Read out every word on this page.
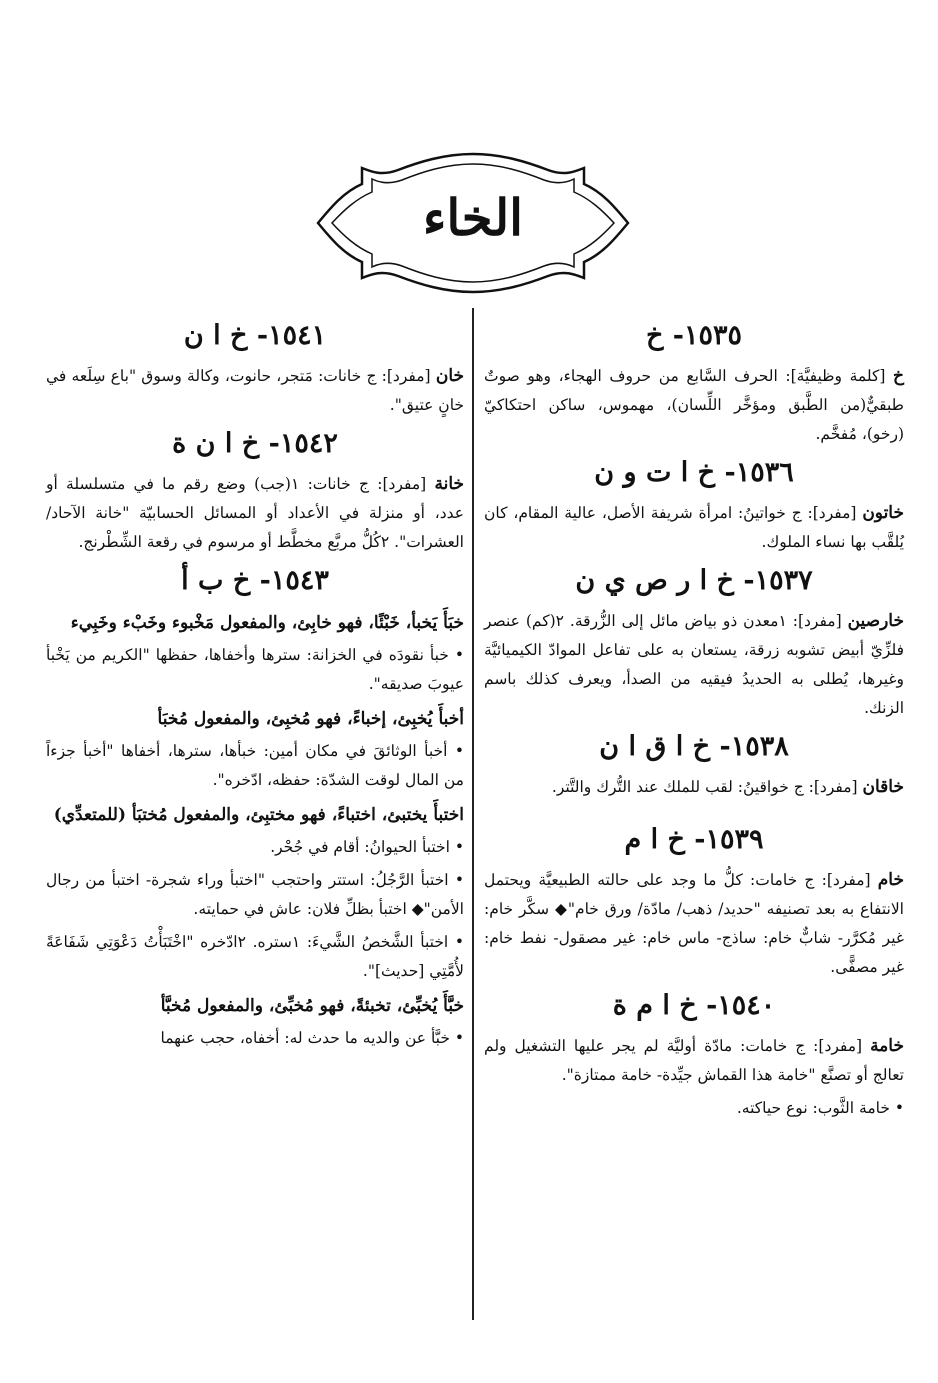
الخاء
١٥٣٥- خ

خ [كلمة وظيفيَّة]: الحرف السَّابع من حروف الهجاء، وهو صوتٌ طبقيٌّ(من الطَّبق ومؤخَّر اللِّسان)، مهموس، ساكن احتكاكيّ (رخو)، مُفخَّم.

١٥٣٦- خ ا ت و ن

خاتون [مفرد]: ج خواتينُ: امرأة شريفة الأصل، عالية المقام، كان يُلقَّب بها نساء الملوك.

١٥٣٧- خ ا ر ص ي ن

خارصين [مفرد]: ١معدن ذو بياض مائل إلى الزُّرقة. ٢(كم) عنصر فلزِّيّ أبيض تشوبه زرقة، يستعان به على تفاعل الموادّ الكيميائيَّة وغيرها، يُطلى به الحديدُ فيقيه من الصدأ، ويعرف كذلك باسم الزنك.

١٥٣٨- خ ا ق ا ن

خاقان [مفرد]: ج خواقينُ: لقب للملك عند التُّرك والتَّتر.

١٥٣٩- خ ا م

خام [مفرد]: ج خامات: كلُّ ما وجد على حالته الطبيعيَّة ويحتمل الانتفاع به بعد تصنيفه "حديد/ ذهب/ مادّة/ ورق خام"◆ سكَّر خام: غير مُكرَّر- شابٌّ خام: ساذج- ماس خام: غير مصقول- نفط خام: غير مصفًّى.

١٥٤٠- خ ا م ة

خامة [مفرد]: ج خامات: مادّة أوليَّة لم يجر عليها التشغيل ولم تعالج أو تصنَّع "خامة هذا القماش جيِّدة- خامة ممتازة".

• خامة الثَّوب: نوع حياكته.

١٥٤١- خ ا ن

خان [مفرد]: ج خانات: مَتجر، حانوت، وكالة وسوق "باع سِلَعه في خانٍ عتيق".

١٥٤٢- خ ا ن ة

خانة [مفرد]: ج خانات: ١(جب) وضع رقم ما في متسلسلة أو عدد، أو منزلة في الأعداد أو المسائل الحسابيّة "خانة الآحاد/ العشرات". ٢كُلُّ مربَّع مخطَّط أو مرسوم في رقعة الشِّطْرنج.

١٥٤٣- خ ب أ

خبَأَ يَخبأ، خَبْئًا، فهو خابِئ، والمفعول مَخْبوء وخَبْء وخَبِيء

• خبأ نقودَه في الخزانة: سترها وأخفاها، حفظها "الكريم من يَخْبأ عيوبَ صديقه".

أخبأَ يُخبِئ، إخباءً، فهو مُخبِئ، والمفعول مُخبَأ

• أخبأ الوثائقَ في مكان أمين: خبأها، سترها، أخفاها "أخبأ جزءاً من المال لوقت الشدّة: حفظه، ادّخره".

اختبأَ يختبئ، اختباءً، فهو مختبِئ، والمفعول مُختبَأ (للمتعدِّي)

• اختبأ الحيوانُ: أقام في جُحْر.

• اختبأ الرَّجُلُ: استتر واحتجب "اختبأ وراء شجرة- اختبأ من رجال الأمن"◆ اختبأ بظلِّ فلان: عاش في حمايته.

• اختبأ الشَّخصُ الشَّيءَ: ١ستره. ٢ادّخره "اخْتَبَأْتُ دَعْوَتِي شَفَاعَةً لأُمَّتِي [حديث]".

خبَّأَ يُخبِّئ، تخبئةً، فهو مُخبِّئ، والمفعول مُخبَّأ

• خبَّأ عن والديه ما حدث له: أخفاه، حجب عنهما
